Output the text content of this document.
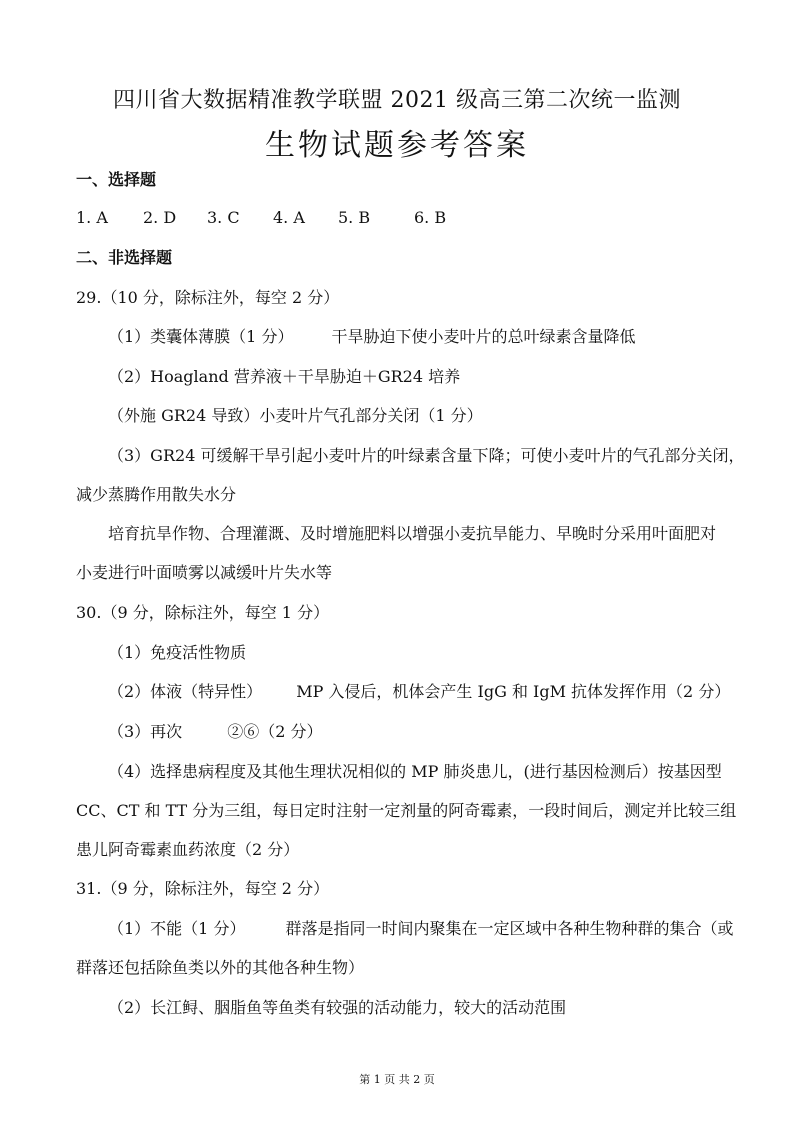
四川省大数据精准教学联盟 2021 级高三第二次统一监测
生物试题参考答案
一、选择题
1. A 2. D 3. C 4. A 5. B	6. B
二、非选择题
29.（10 分，除标注外，每空 2 分）
（1）类囊体薄膜（1 分） 干旱胁迫下使小麦叶片的总叶绿素含量降低
（2）Hoagland 营养液＋干旱胁迫＋GR24 培养
（外施 GR24 导致）小麦叶片气孔部分关闭（1 分）
（3）GR24 可缓解干旱引起小麦叶片的叶绿素含量下降；可使小麦叶片的气孔部分关闭，
减少蒸腾作用散失水分
培育抗旱作物、合理灌溉、及时增施肥料以增强小麦抗旱能力、早晚时分采用叶面肥对
小麦进行叶面喷雾以减缓叶片失水等
30.（9 分，除标注外，每空 1 分）
（1）免疫活性物质
（2）体液（特异性） MP 入侵后，机体会产生 IgG 和 IgM 抗体发挥作用（2 分）
（3）再次	②⑥（2 分）
（4）选择患病程度及其他生理状况相似的 MP 肺炎患儿，(进行基因检测后）按基因型
CC、CT 和 TT 分为三组，每日定时注射一定剂量的阿奇霉素，一段时间后，测定并比较三组
患儿阿奇霉素血药浓度（2 分）
31.（9 分，除标注外，每空 2 分）
（1）不能（1 分）	群落是指同一时间内聚集在一定区域中各种生物种群的集合（或
群落还包括除鱼类以外的其他各种生物）
（2）长江鲟、胭脂鱼等鱼类有较强的活动能力，较大的活动范围
第 1 页 共 2 页
